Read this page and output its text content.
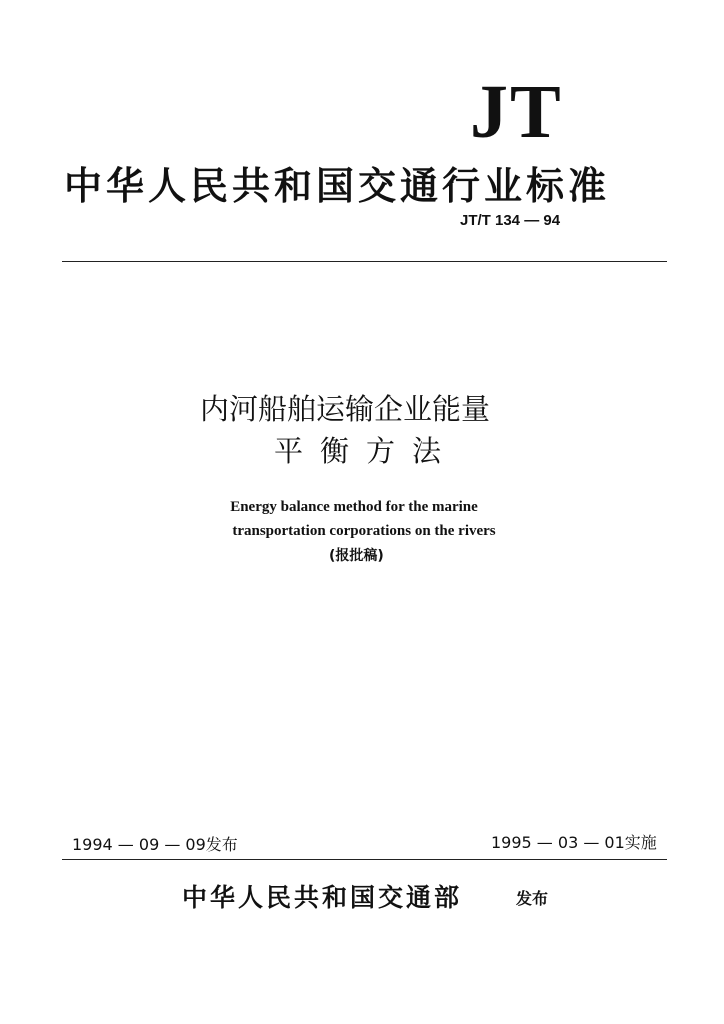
JT
中华人民共和国交通行业标准
JT/T 134 — 94
内河船舶运输企业能量
平衡方法
Energy balance method for the marine
transportation corporations on the rivers
(报批稿)
1994 — 09 — 09发布	1995 — 03 — 01实施
中华人民共和国交通部	发布
